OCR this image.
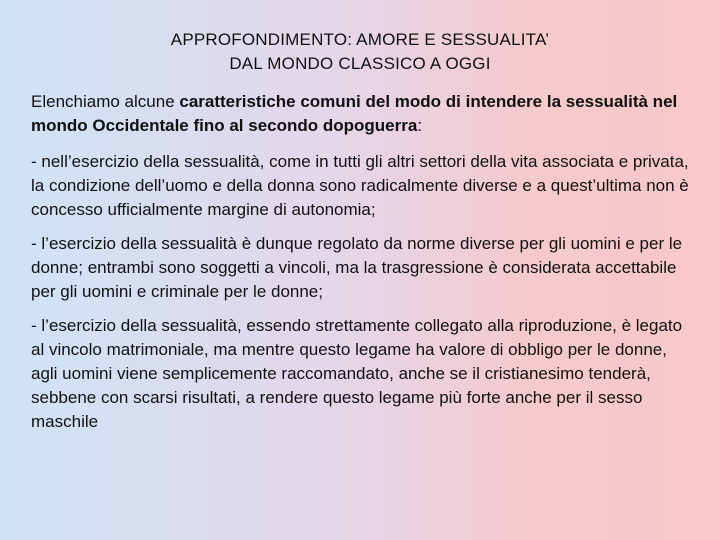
APPROFONDIMENTO: AMORE E SESSUALITA’
DAL MONDO CLASSICO A OGGI

Elenchiamo alcune caratteristiche comuni del modo di intendere la sessualità nel mondo Occidentale fino al secondo dopoguerra:

- nell’esercizio della sessualità, come in tutti gli altri settori della vita associata e privata, la condizione dell’uomo e della donna sono radicalmente diverse e a quest’ultima non è concesso ufficialmente margine di autonomia;

- l’esercizio della sessualità è dunque regolato da norme diverse per gli uomini e per le donne; entrambi sono soggetti a vincoli, ma la trasgressione è considerata accettabile per gli uomini e criminale per le donne;

- l’esercizio della sessualità, essendo strettamente collegato alla riproduzione, è legato al vincolo matrimoniale, ma mentre questo legame ha valore di obbligo per le donne, agli uomini viene semplicemente raccomandato, anche se il cristianesimo tenderà, sebbene con scarsi risultati, a rendere questo legame più forte anche per il sesso maschile
